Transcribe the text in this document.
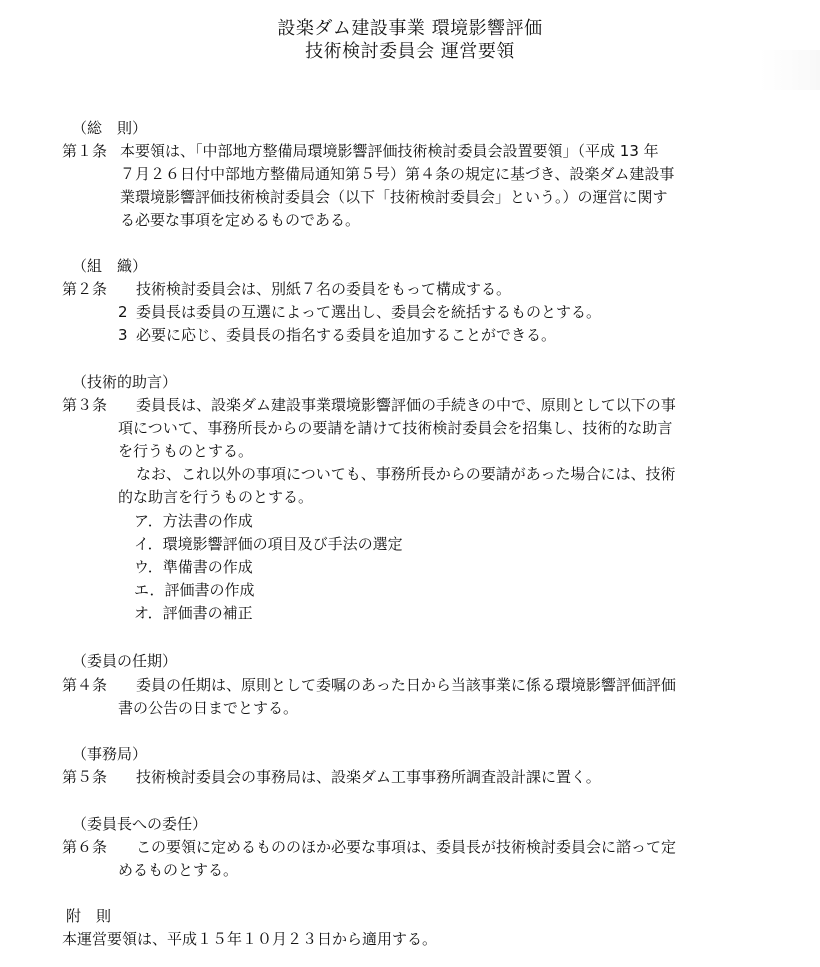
設楽ダム建設事業 環境影響評価
技術検討委員会 運営要領
（総　則）
第１条 本要領は、「中部地方整備局環境影響評価技術検討委員会設置要領」（平成 13 年
７月２６日付中部地方整備局通知第５号）第４条の規定に基づき、設楽ダム建設事
業環境影響評価技術検討委員会（以下「技術検討委員会」という。）の運営に関す
る必要な事項を定めるものである。
（組　織）
第２条 技術検討委員会は、別紙７名の委員をもって構成する。
2 委員長は委員の互選によって選出し、委員会を統括するものとする。
3 必要に応じ、委員長の指名する委員を追加することができる。
（技術的助言）
第３条 委員長は、設楽ダム建設事業環境影響評価の手続きの中で、原則として以下の事
項について、事務所長からの要請を請けて技術検討委員会を招集し、技術的な助言
を行うものとする。
なお、これ以外の事項についても、事務所長からの要請があった場合には、技術
的な助言を行うものとする。
ア．方法書の作成
イ．環境影響評価の項目及び手法の選定
ウ．準備書の作成
エ．評価書の作成
オ．評価書の補正
（委員の任期）
第４条 委員の任期は、原則として委嘱のあった日から当該事業に係る環境影響評価評価
書の公告の日までとする。
（事務局）
第５条 技術検討委員会の事務局は、設楽ダム工事事務所調査設計課に置く。
（委員長への委任）
第６条 この要領に定めるもののほか必要な事項は、委員長が技術検討委員会に諮って定
めるものとする。
附　則
本運営要領は、平成１５年１０月２３日から適用する。
